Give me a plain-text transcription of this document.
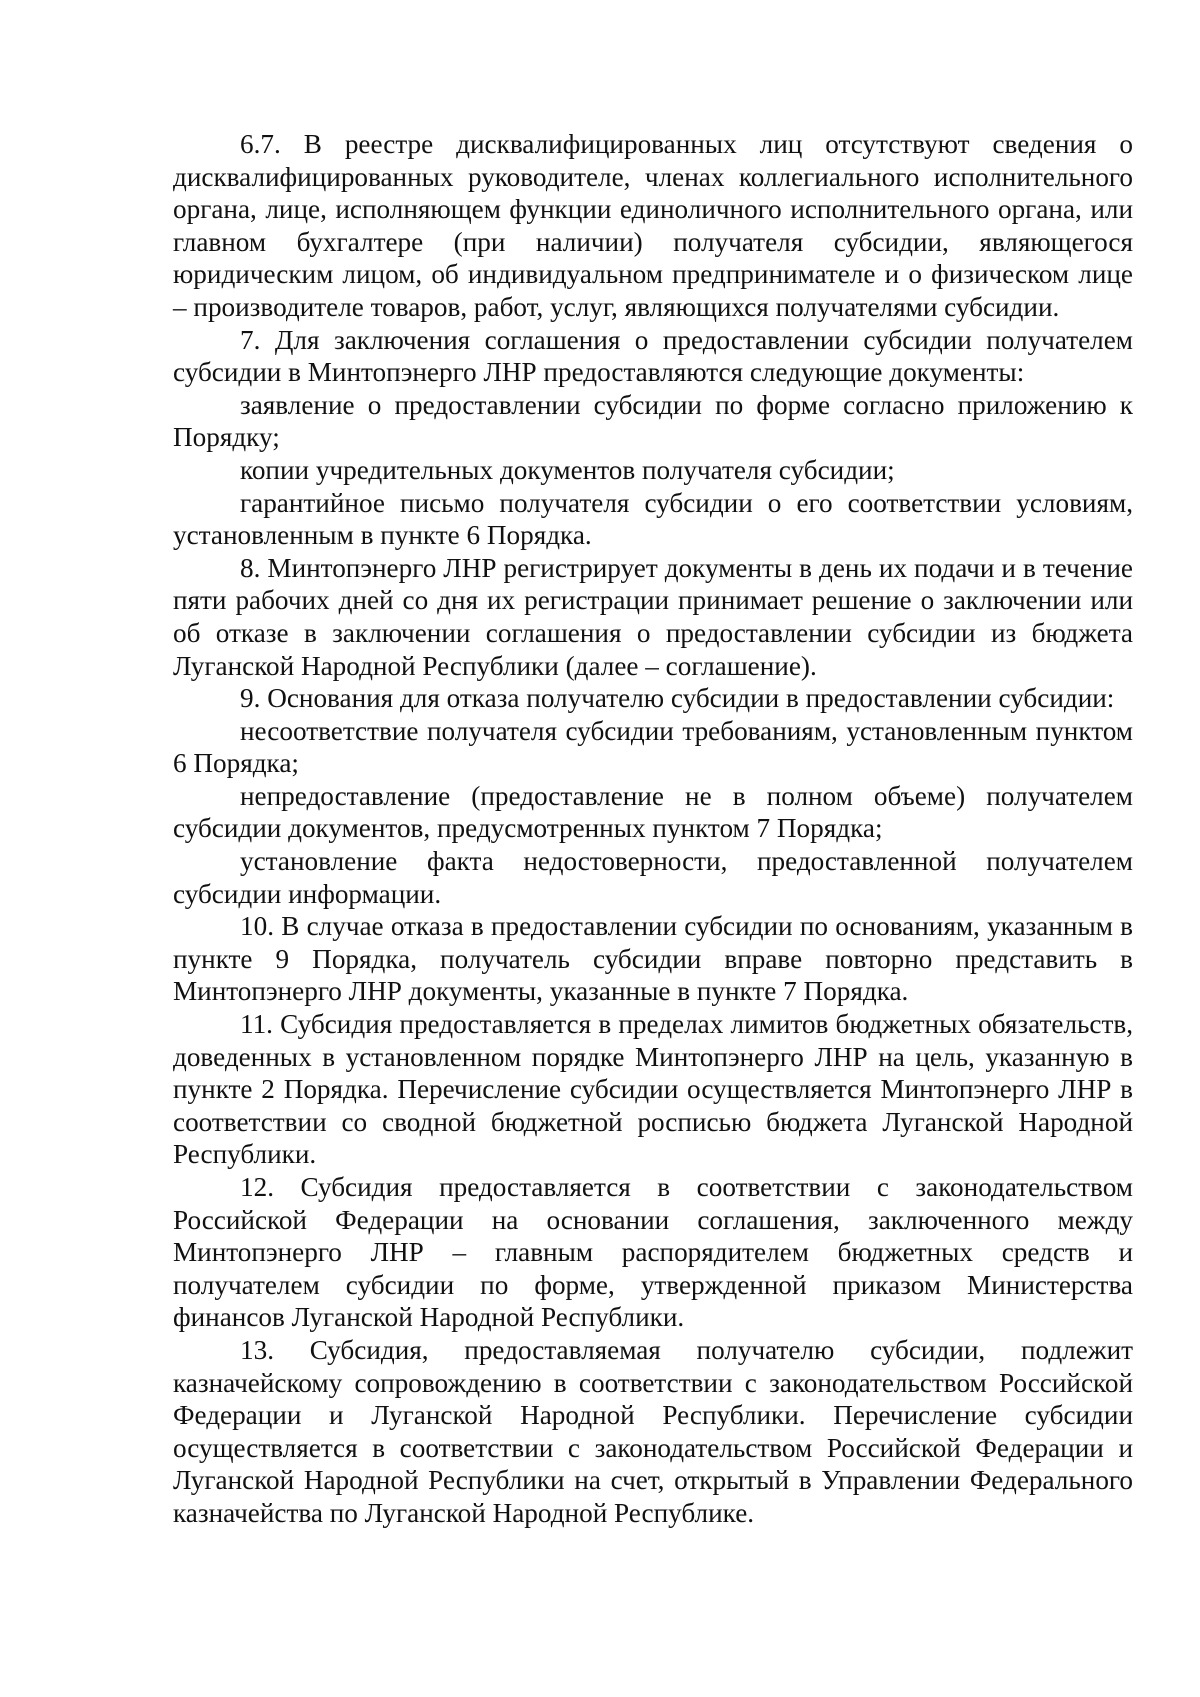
6.7. В реестре дисквалифицированных лиц отсутствуют сведения о дисквалифицированных руководителе, членах коллегиального исполнительного органа, лице, исполняющем функции единоличного исполнительного органа, или главном бухгалтере (при наличии) получателя субсидии, являющегося юридическим лицом, об индивидуальном предпринимателе и о физическом лице – производителе товаров, работ, услуг, являющихся получателями субсидии.

7. Для заключения соглашения о предоставлении субсидии получателем субсидии в Минтопэнерго ЛНР предоставляются следующие документы:

заявление о предоставлении субсидии по форме согласно приложению к Порядку;

копии учредительных документов получателя субсидии;

гарантийное письмо получателя субсидии о его соответствии условиям, установленным в пункте 6 Порядка.

8. Минтопэнерго ЛНР регистрирует документы в день их подачи и в течение пяти рабочих дней со дня их регистрации принимает решение о заключении или об отказе в заключении соглашения о предоставлении субсидии из бюджета Луганской Народной Республики (далее – соглашение).

9. Основания для отказа получателю субсидии в предоставлении субсидии:

несоответствие получателя субсидии требованиям, установленным пунктом 6 Порядка;

непредоставление (предоставление не в полном объеме) получателем субсидии документов, предусмотренных пунктом 7 Порядка;

установление факта недостоверности, предоставленной получателем субсидии информации.

10. В случае отказа в предоставлении субсидии по основаниям, указанным в пункте 9 Порядка, получатель субсидии вправе повторно представить в Минтопэнерго ЛНР документы, указанные в пункте 7 Порядка.

11. Субсидия предоставляется в пределах лимитов бюджетных обязательств, доведенных в установленном порядке Минтопэнерго ЛНР на цель, указанную в пункте 2 Порядка. Перечисление субсидии осуществляется Минтопэнерго ЛНР в соответствии со сводной бюджетной росписью бюджета Луганской Народной Республики.

12. Субсидия предоставляется в соответствии с законодательством Российской Федерации на основании соглашения, заключенного между Минтопэнерго ЛНР – главным распорядителем бюджетных средств и получателем субсидии по форме, утвержденной приказом Министерства финансов Луганской Народной Республики.

13. Субсидия, предоставляемая получателю субсидии, подлежит казначейскому сопровождению в соответствии с законодательством Российской Федерации и Луганской Народной Республики. Перечисление субсидии осуществляется в соответствии с законодательством Российской Федерации и Луганской Народной Республики на счет, открытый в Управлении Федерального казначейства по Луганской Народной Республике.
